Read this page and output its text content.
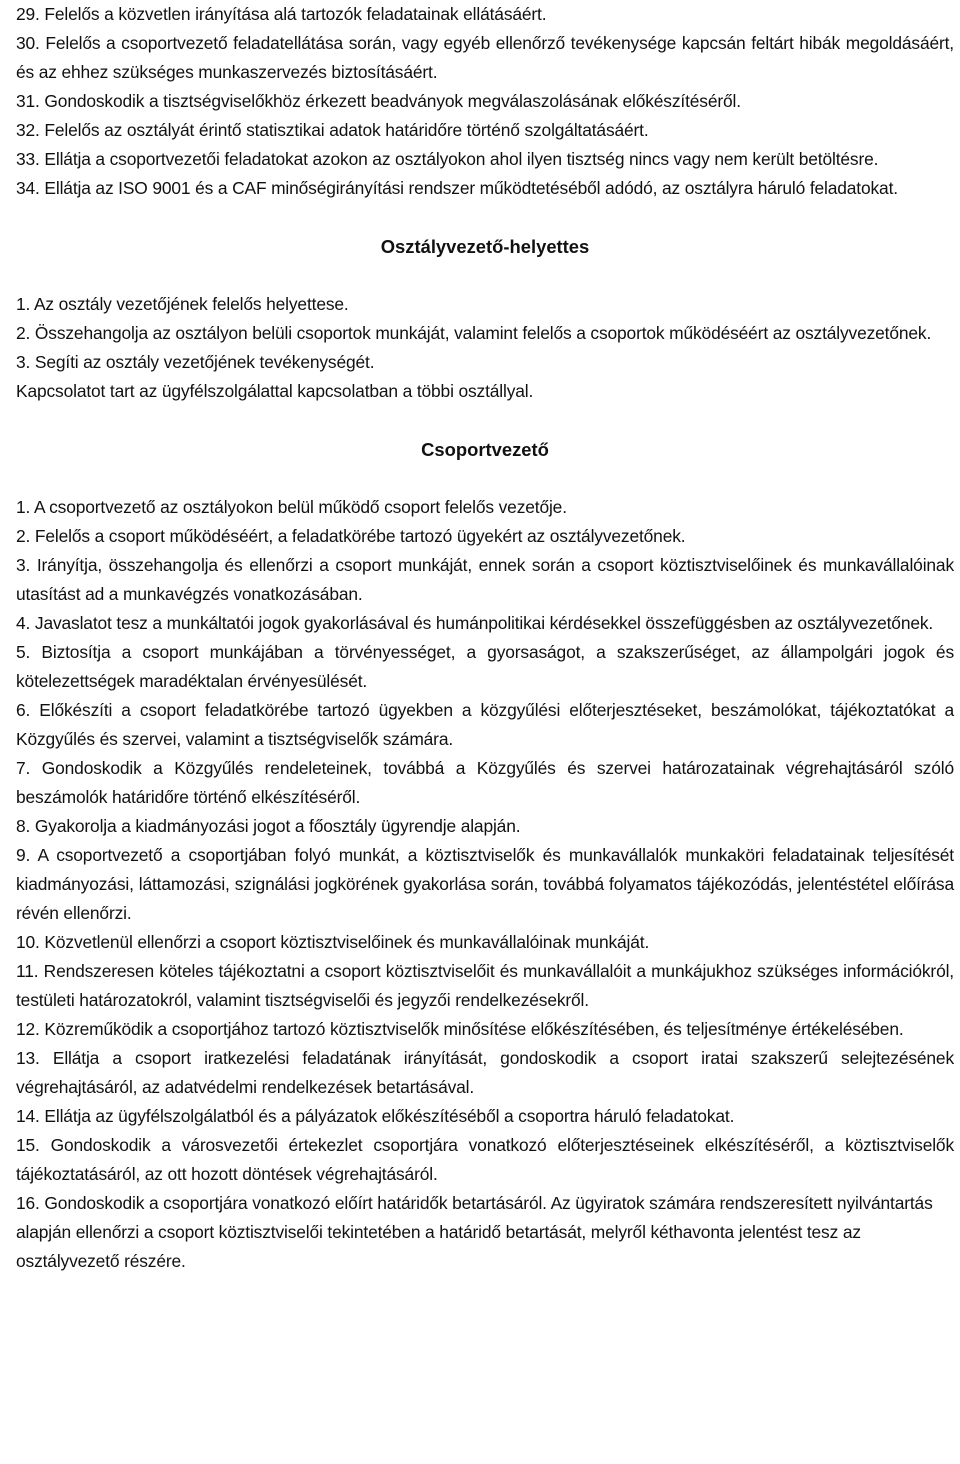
29. Felelős a közvetlen irányítása alá tartozók feladatainak ellátásáért.

30. Felelős a csoportvezető feladatellátása során, vagy egyéb ellenőrző tevékenysége kapcsán feltárt hibák megoldásáért, és az ehhez szükséges munkaszervezés biztosításáért.

31. Gondoskodik a tisztségviselőkhöz érkezett beadványok megválaszolásának előkészítéséről.

32. Felelős az osztályát érintő statisztikai adatok határidőre történő szolgáltatásáért.

33. Ellátja a csoportvezetői feladatokat azokon az osztályokon ahol ilyen tisztség nincs vagy nem került betöltésre.

34. Ellátja az ISO 9001 és a CAF minőségirányítási rendszer működtetéséből adódó, az osztályra háruló feladatokat.

Osztályvezető-helyettes

1. Az osztály vezetőjének felelős helyettese.

2.
Összehangolja az osztályon belüli csoportok munkáját, valamint felelős a csoportok működéséért az osztályvezetőnek.

3. Segíti az osztály vezetőjének tevékenységét.

Kapcsolatot tart az ügyfélszolgálattal kapcsolatban a többi osztállyal.

Csoportvezető

1. A csoportvezető az osztályokon belül működő csoport felelős vezetője.

2. Felelős a csoport működéséért, a feladatkörébe tartozó ügyekért az osztályvezetőnek.

3. Irányítja, összehangolja és ellenőrzi a csoport munkáját, ennek során a csoport köztisztviselőinek és munkavállalóinak utasítást ad a munkavégzés vonatkozásában.

4. Javaslatot tesz a munkáltatói jogok gyakorlásával és humánpolitikai kérdésekkel összefüggésben az osztályvezetőnek.

5. Biztosítja a csoport munkájában a törvényességet, a gyorsaságot, a szakszerűséget, az állampolgári jogok és kötelezettségek maradéktalan érvényesülését.

6. Előkészíti a csoport feladatkörébe tartozó ügyekben a közgyűlési előterjesztéseket, beszámolókat, tájékoztatókat a Közgyűlés és szervei, valamint a tisztségviselők számára.

7. Gondoskodik a Közgyűlés rendeleteinek, továbbá a Közgyűlés és szervei határozatainak végrehajtásáról szóló beszámolók határidőre történő elkészítéséről.

8. Gyakorolja a kiadmányozási jogot a főosztály ügyrendje alapján.

9. A csoportvezető a csoportjában folyó munkát, a köztisztviselők és munkavállalók munkaköri feladatainak teljesítését kiadmányozási, láttamozási, szignálási jogkörének gyakorlása során, továbbá folyamatos tájékozódás, jelentéstétel előírása révén ellenőrzi.

10. Közvetlenül ellenőrzi a csoport köztisztviselőinek és munkavállalóinak munkáját.

11. Rendszeresen köteles tájékoztatni a csoport köztisztviselőit és munkavállalóit a munkájukhoz szükséges információkról, testületi határozatokról, valamint tisztségviselői és jegyzői rendelkezésekről.

12. Közreműködik a csoportjához tartozó köztisztviselők minősítése előkészítésében, és teljesítménye értékelésében.

13. Ellátja a csoport iratkezelési feladatának irányítását, gondoskodik a csoport iratai szakszerű selejtezésének végrehajtásáról, az adatvédelmi rendelkezések betartásával.

14. Ellátja az ügyfélszolgálatból és a pályázatok előkészítéséből a csoportra háruló feladatokat.

15. Gondoskodik a városvezetői értekezlet csoportjára vonatkozó előterjesztéseinek elkészítéséről, a köztisztviselők tájékoztatásáról, az ott hozott döntések végrehajtásáról.

16. Gondoskodik a csoportjára vonatkozó előírt határidők betartásáról. Az ügyiratok számára rendszeresített nyilvántartás alapján ellenőrzi a csoport köztisztviselői tekintetében a határidő betartását, melyről kéthavonta jelentést tesz az osztályvezető részére.
